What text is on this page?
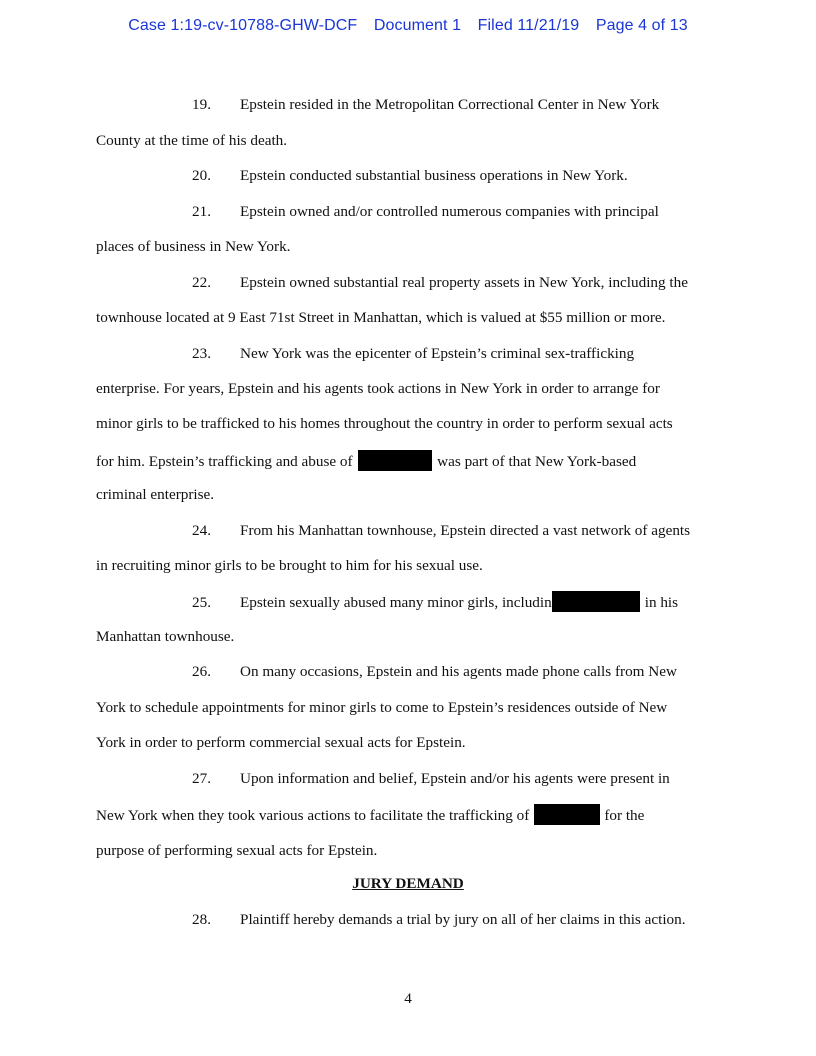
Case 1:19-cv-10788-GHW-DCF Document 1 Filed 11/21/19 Page 4 of 13
19. Epstein resided in the Metropolitan Correctional Center in New York
County at the time of his death.
20. Epstein conducted substantial business operations in New York.
21. Epstein owned and/or controlled numerous companies with principal
places of business in New York.
22. Epstein owned substantial real property assets in New York, including the
townhouse located at 9 East 71st Street in Manhattan, which is valued at $55 million or more.
23. New York was the epicenter of Epstein’s criminal sex-trafficking
enterprise. For years, Epstein and his agents took actions in New York in order to arrange for
minor girls to be trafficked to his homes throughout the country in order to perform sexual acts
for him. Epstein’s trafficking and abuse of	was part of that New York-based
criminal enterprise.
24. From his Manhattan townhouse, Epstein directed a vast network of agents
in recruiting minor girls to be brought to him for his sexual use.
25. Epstein sexually abused many minor girls, includin	in his
Manhattan townhouse.
26. On many occasions, Epstein and his agents made phone calls from New
York to schedule appointments for minor girls to come to Epstein’s residences outside of New
York in order to perform commercial sexual acts for Epstein.
27. Upon information and belief, Epstein and/or his agents were present in
New York when they took various actions to facilitate the trafficking of	for the
purpose of performing sexual acts for Epstein.
JURY DEMAND
28. Plaintiff hereby demands a trial by jury on all of her claims in this action.
4
